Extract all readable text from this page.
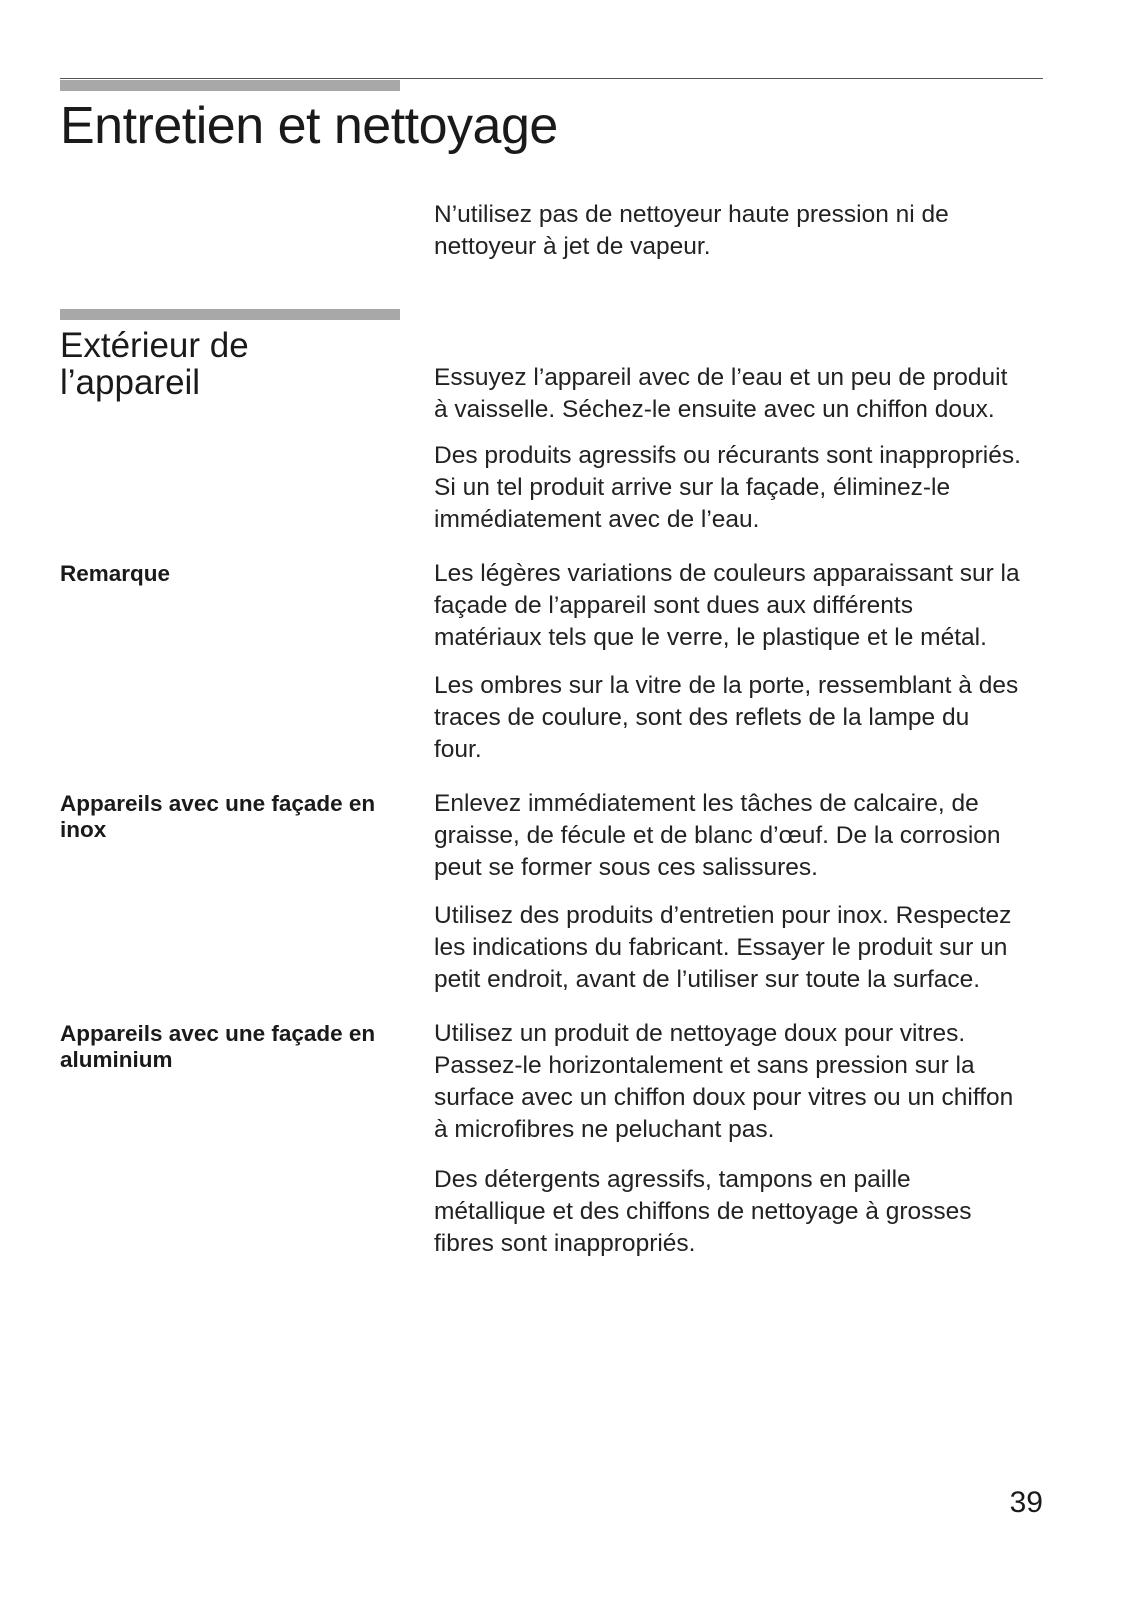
Entretien et nettoyage

N’utilisez pas de nettoyeur haute pression ni de
nettoyeur à jet de vapeur.

Extérieur de l’appareil	Essuyez l’appareil avec de l’eau et un peu de produit
à vaisselle. Séchez-le ensuite avec un chiffon doux.

Des produits agressifs ou récurants sont inappropriés.
Si un tel produit arrive sur la façade, éliminez-le
immédiatement avec de l’eau.

Remarque	Les légères variations de couleurs apparaissant sur la
façade de l’appareil sont dues aux différents
matériaux tels que le verre, le plastique et le métal.

Les ombres sur la vitre de la porte, ressemblant à des
traces de coulure, sont des reflets de la lampe du
four.

Appareils avec une façade en inox

Enlevez immédiatement les tâches de calcaire, de
graisse, de fécule et de blanc d’œuf. De la corrosion
peut se former sous ces salissures.

Utilisez des produits d’entretien pour inox. Respectez
les indications du fabricant. Essayer le produit sur un
petit endroit, avant de l’utiliser sur toute la surface.

Appareils avec une façade en aluminium

Utilisez un produit de nettoyage doux pour vitres.
Passez-le horizontalement et sans pression sur la
surface avec un chiffon doux pour vitres ou un chiffon
à microfibres ne peluchant pas.

Des détergents agressifs, tampons en paille
métallique et des chiffons de nettoyage à grosses
fibres sont inappropriés.

39
